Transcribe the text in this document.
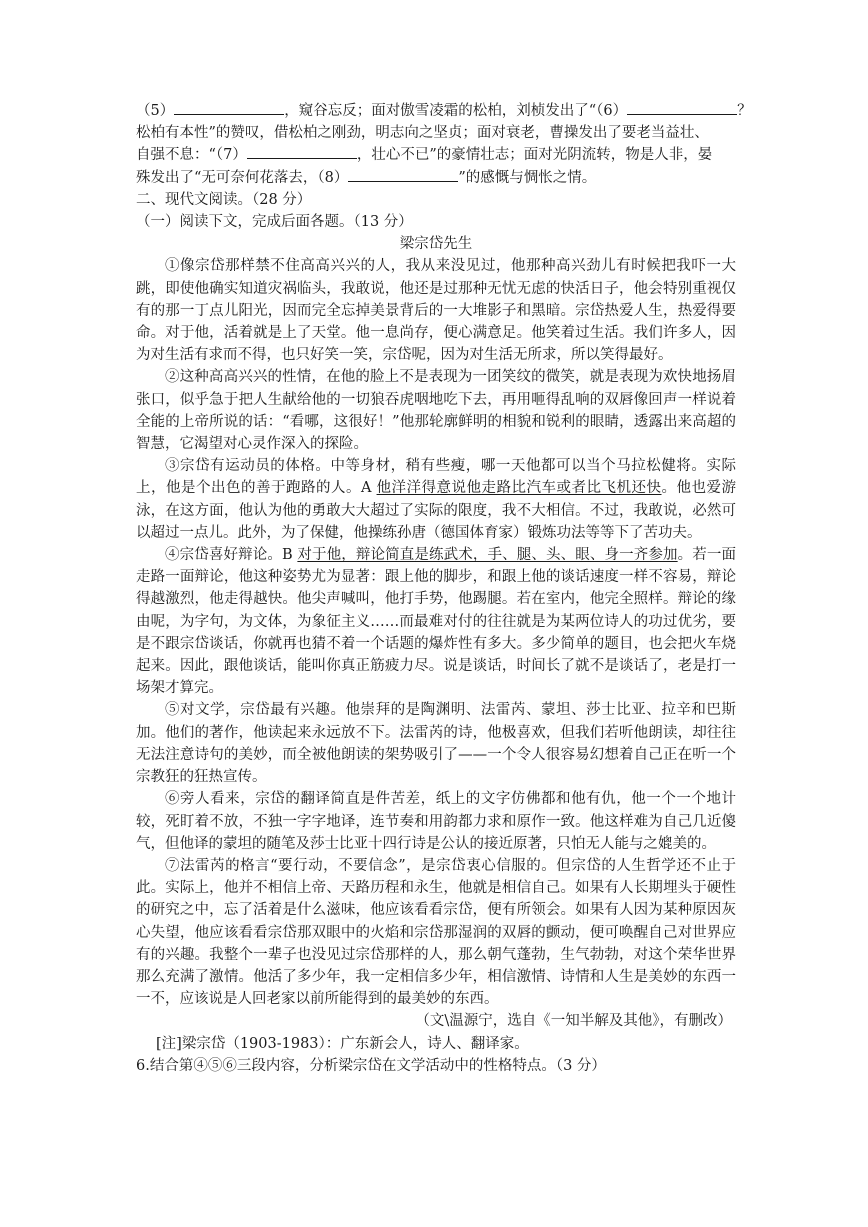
（5）	，窥谷忘反；面对傲雪凌霜的松柏，刘桢发出了“（6）	？
松柏有本性”的赞叹，借松柏之刚劲，明志向之坚贞；面对衰老，曹操发出了要老当益壮、
自强不息：“（7）	，壮心不已”的豪情壮志；面对光阴流转，物是人非，晏
殊发出了“无可奈何花落去，（8）	”的感慨与惆怅之情。
二、现代文阅读。（28 分）
（一）阅读下文，完成后面各题。（13 分）
梁宗岱先生

①像宗岱那样禁不住高高兴兴的人，我从来没见过，他那种高兴劲儿有时候把我吓一大跳，即使他确实知道灾祸临头，我敢说，他还是过那种无忧无虑的快活日子，他会特别重视仅有的那一丁点儿阳光，因而完全忘掉美景背后的一大堆影子和黑暗。宗岱热爱人生，热爱得要命。对于他，活着就是上了天堂。他一息尚存，便心满意足。他笑着过生活。我们许多人，因为对生活有求而不得，也只好笑一笑，宗岱呢，因为对生活无所求，所以笑得最好。

②这种高高兴兴的性情，在他的脸上不是表现为一团笑纹的微笑，就是表现为欢快地扬眉张口，似乎急于把人生献给他的一切狼吞虎咽地吃下去，再用咂得乱响的双唇像回声一样说着全能的上帝所说的话：“看哪，这很好！”他那轮廓鲜明的相貌和锐利的眼睛，透露出来高超的智慧，它渴望对心灵作深入的探险。

③宗岱有运动员的体格。中等身材，稍有些瘦，哪一天他都可以当个马拉松健将。实际上，他是个出色的善于跑路的人。A 他洋洋得意说他走路比汽车或者比飞机还快。他也爱游泳，在这方面，他认为他的勇敢大大超过了实际的限度，我不大相信。不过，我敢说，必然可以超过一点儿。此外，为了保健，他操练孙唐（德国体育家）锻炼功法等等下了苦功夫。

④宗岱喜好辩论。B 对于他，辩论简直是练武术，手、腿、头、眼、身一齐参加。若一面走路一面辩论，他这种姿势尤为显著：跟上他的脚步，和跟上他的谈话速度一样不容易，辩论得越激烈，他走得越快。他尖声喊叫，他打手势，他踢腿。若在室内，他完全照样。辩论的缘由呢，为字句，为文体，为象征主义……而最难对付的往往就是为某两位诗人的功过优劣，要是不跟宗岱谈话，你就再也猜不着一个话题的爆炸性有多大。多少简单的题目，也会把火车烧起来。因此，跟他谈话，能叫你真正筋疲力尽。说是谈话，时间长了就不是谈话了，老是打一场架才算完。

⑤对文学，宗岱最有兴趣。他崇拜的是陶渊明、法雷芮、蒙坦、莎士比亚、拉辛和巴斯加。他们的著作，他读起来永远放不下。法雷芮的诗，他极喜欢，但我们若听他朗读，却往往无法注意诗句的美妙，而全被他朗读的架势吸引了——一个令人很容易幻想着自己正在听一个宗教狂的狂热宣传。

⑥旁人看来，宗岱的翻译简直是件苦差，纸上的文字仿佛都和他有仇，他一个一个地计较，死盯着不放，不独一字字地译，连节奏和用韵都力求和原作一致。他这样难为自己几近傻气，但他译的蒙坦的随笔及莎士比亚十四行诗是公认的接近原著，只怕无人能与之媲美的。

⑦法雷芮的格言“要行动，不要信念”，是宗岱衷心信服的。但宗岱的人生哲学还不止于此。实际上，他并不相信上帝、天路历程和永生，他就是相信自己。如果有人长期埋头于硬性的研究之中，忘了活着是什么滋味，他应该看看宗岱，便有所领会。如果有人因为某种原因灰心失望，他应该看看宗岱那双眼中的火焰和宗岱那湿润的双唇的颤动，便可唤醒自己对世界应有的兴趣。我整个一辈子也没见过宗岱那样的人，那么朝气蓬勃，生气勃勃，对这个荣华世界那么充满了激情。他活了多少年，我一定相信多少年，相信激情、诗情和人生是美妙的东西一一不，应该说是人回老家以前所能得到的最美妙的东西。

（文\温源宁，选自《一知半解及其他》，有删改）
[注]梁宗岱（1903-1983）：广东新会人，诗人、翻译家。
6.结合第④⑤⑥三段内容，分析梁宗岱在文学活动中的性格特点。（3 分）
